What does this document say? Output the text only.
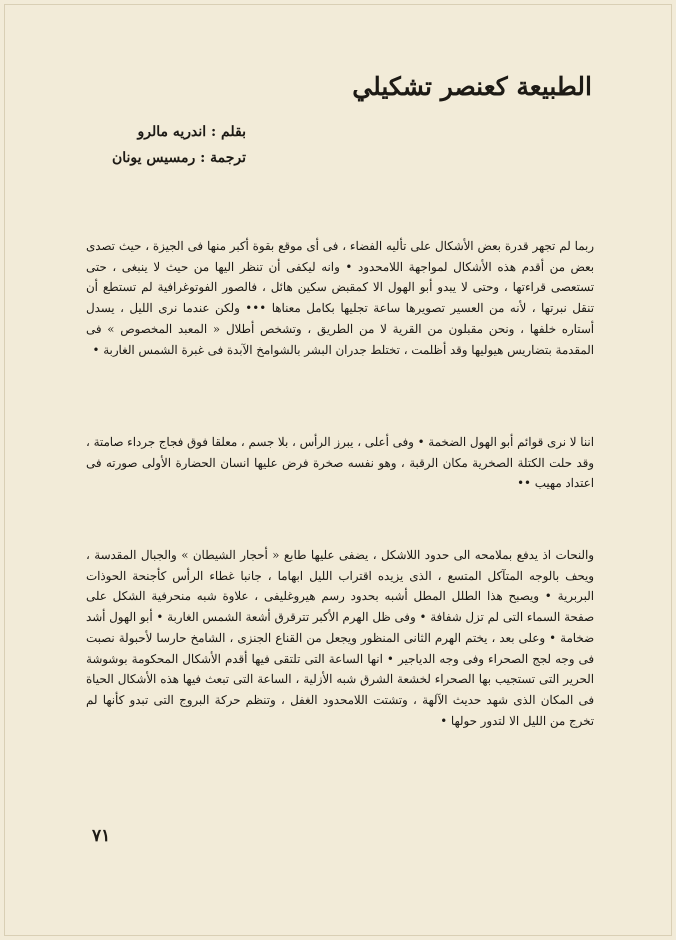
الطبيعة كعنصر تشكيلي
بقلم : اندريه مالرو
ترجمة : رمسيس يونان

ربما لم تجهر قدرة بعض الأشكال على تأليه الفضاء ، فى أى موقع بقوة أكبر منها فى الجيزة ، حيث تصدى بعض من أقدم هذه الأشكال لمواجهة اللامحدود • وانه ليكفى أن تنظر اليها من حيث لا ينبغى ، حتى تستعصى قراءتها ، وحتى لا يبدو أبو الهول الا كمقبض سكين هائل ، فالصور الفوتوغرافية لم تستطع أن تنقل نبرتها ، لأنه من العسير تصويرها ساعة تجليها بكامل معناها ••• ولكن عندما نرى الليل ، يسدل أستاره خلفها ، ونحن مقبلون من القرية لا من الطريق ، وتشخص أطلال « المعبد المخصوص » فى المقدمة بتضاريس هيوليها وقد أظلمت ، تختلط جدران البشر بالشوامخ الآبدة فى غبرة الشمس الغاربة •

اننا لا نرى قوائم أبو الهول الضخمة • وفى أعلى ، يبرز الرأس ، بلا جسم ، معلقا فوق فجاج جرداء صامتة ، وقد حلت الكتلة الصخرية مكان الرقبة ، وهو نفسه صخرة فرض عليها انسان الحضارة الأولى صورته فى اعتداد مهيب ••

والنحات اذ يدفع بملامحه الى حدود اللاشكل ، يضفى عليها طابع « أحجار الشيطان » والجبال المقدسة ، ويحف بالوجه المتآكل المتسع ، الذى يزيده اقتراب الليل ابهاما ، جانبا غطاء الرأس كأجنحة الحوذات البربرية • ويصبح هذا الطلل المطل أشبه بحدود رسم هيروغليفى ، علاوة شبه منحرفية الشكل على صفحة السماء التى لم تزل شفافة • وفى ظل الهرم الأكبر تترقرق أشعة الشمس الغاربة • أبو الهول أشد ضخامة • وعلى بعد ، يختم الهرم الثانى المنظور ويجعل من القناع الجنزى ، الشامخ حارسا لأحبولة نصبت فى وجه لجج الصحراء وفى وجه الدياجير • انها الساعة التى تلتقى فيها أقدم الأشكال المحكومة بوشوشة الحرير التى تستجيب بها الصحراء لخشعة الشرق شبه الأزلية ، الساعة التى تبعث فيها هذه الأشكال الحياة فى المكان الذى شهد حديث الآلهة ، وتشتت اللامحدود الغفل ، وتنظم حركة البروج التى تبدو كأنها لم تخرج من الليل الا لتدور حولها •

٧١
